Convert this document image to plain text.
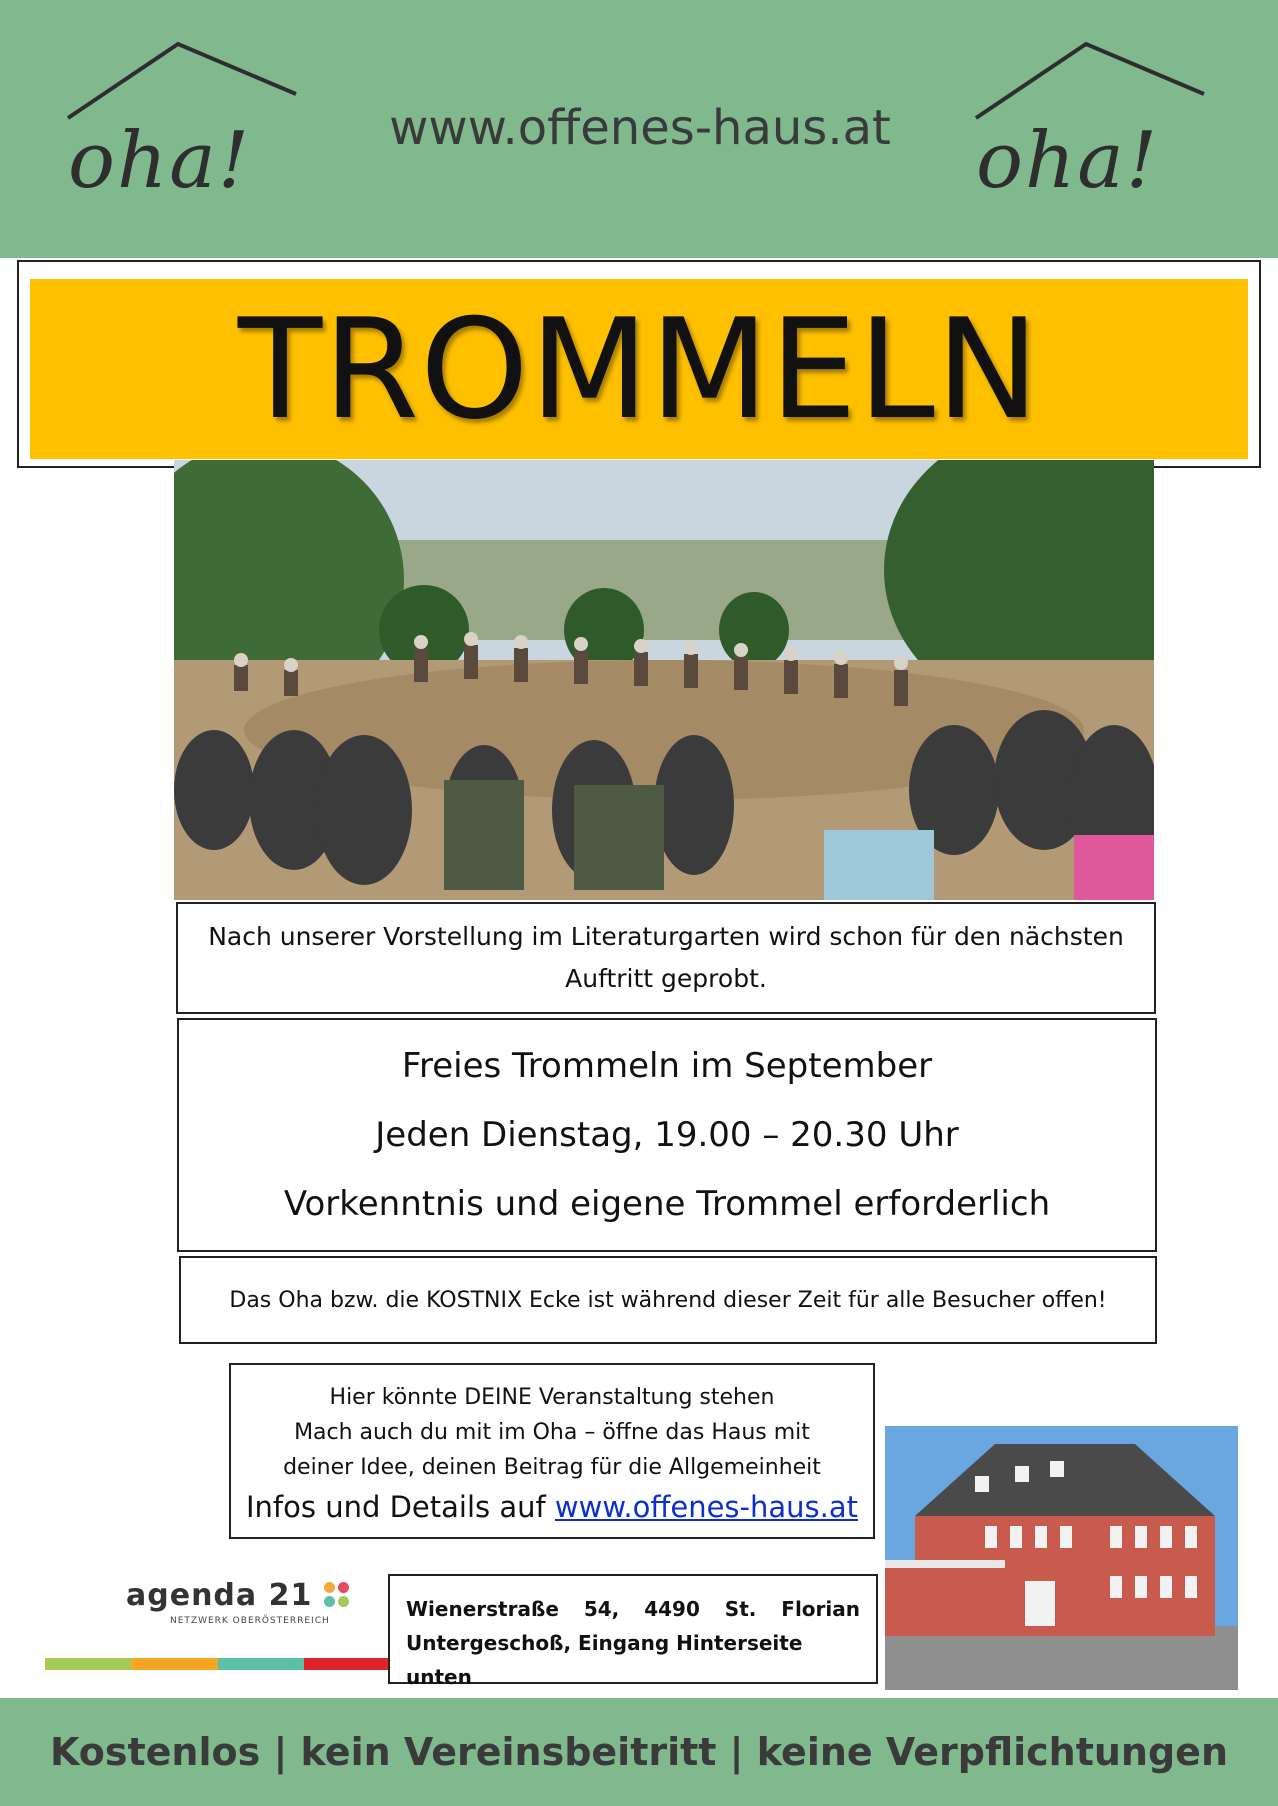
oha!	www.offenes-haus.at oha!
TROMMELN
Nach unserer Vorstellung im Literaturgarten wird schon für den nächsten
Auftritt geprobt.
Freies Trommeln im September
Jeden Dienstag, 19.00 – 20.30 Uhr
Vorkenntnis und eigene Trommel erforderlich
Das Oha bzw. die KOSTNIX Ecke ist während dieser Zeit für alle Besucher offen!
Hier könnte DEINE Veranstaltung stehen
Mach auch du mit im Oha – öffne das Haus mit
deiner Idee, deinen Beitrag für die Allgemeinheit
Infos und Details auf www.offenes-haus.at
agenda 21
NETZWERK OBERÖSTERREICH	Wienerstraße 54, 4490 St. Florian
Untergeschoß, Eingang Hinterseite unten
Kostenlos | kein Vereinsbeitritt | keine Verpflichtungen
